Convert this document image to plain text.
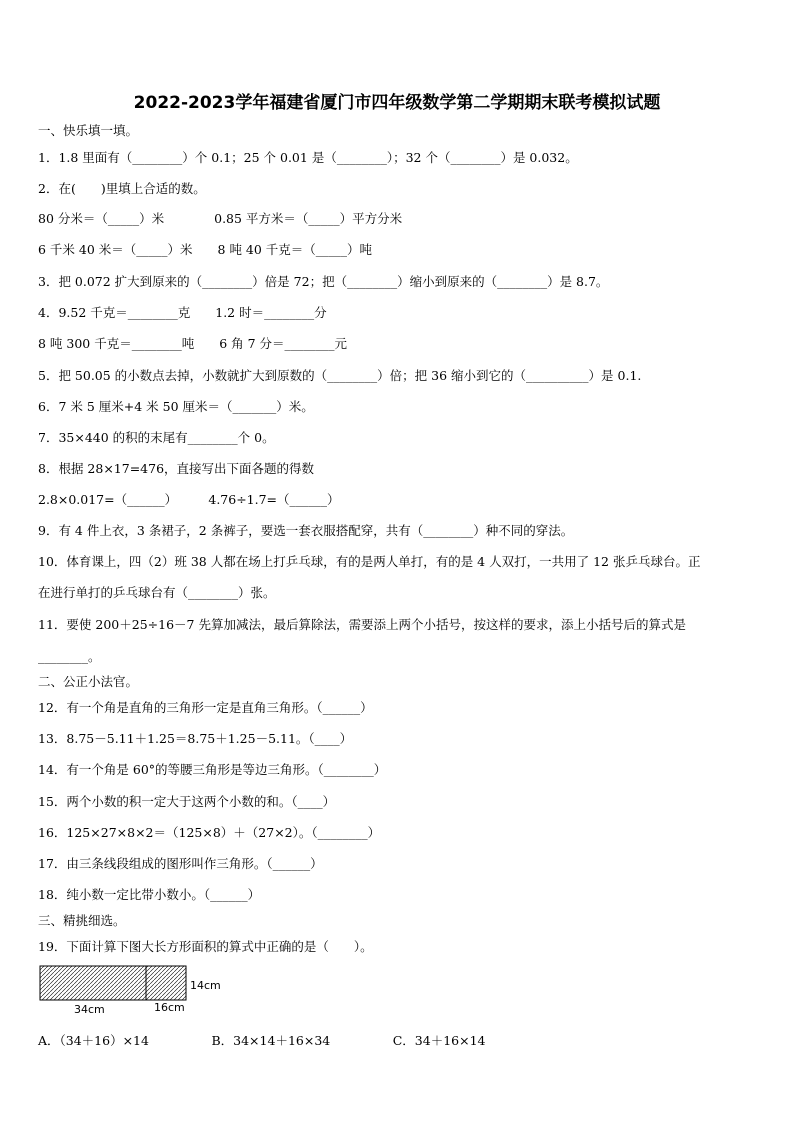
2022-2023学年福建省厦门市四年级数学第二学期期末联考模拟试题
一、快乐填一填。
1．1.8 里面有（________）个 0.1；25 个 0.01 是（________）；32 个（________）是 0.032。
2．在(　　)里填上合适的数。
80 分米＝（_____）米　　　　0.85 平方米＝（_____）平方分米
6 千米 40 米＝（_____）米　　8 吨 40 千克＝（_____）吨
3．把 0.072 扩大到原来的（________）倍是 72；把（________）缩小到原来的（________）是 8.7。
4．9.52 千克＝________克　　1.2 时＝________分
8 吨 300 千克＝________吨　　6 角 7 分＝________元
5．把 50.05 的小数点去掉，小数就扩大到原数的（________）倍；把 36 缩小到它的（__________）是 0.1.
6．7 米 5 厘米+4 米 50 厘米＝（_______）米。
7．35×440 的积的末尾有________个 0。
8．根据 28×17=476，直接写出下面各题的得数
2.8×0.017=（______）　　　4.76÷1.7=（______）
9．有 4 件上衣，3 条裙子，2 条裤子，要选一套衣服搭配穿，共有（________）种不同的穿法。
10．体育课上，四（2）班 38 人都在场上打乒乓球，有的是两人单打，有的是 4 人双打，一共用了 12 张乒乓球台。正
在进行单打的乒乓球台有（________）张。
11．要使 200＋25÷16－7 先算加减法，最后算除法，需要添上两个小括号，按这样的要求，添上小括号后的算式是
________。
二、公正小法官。
12．有一个角是直角的三角形一定是直角三角形。（______）
13．8.75－5.11＋1.25＝8.75＋1.25－5.11。（____）
14．有一个角是 60°的等腰三角形是等边三角形。（________）
15．两个小数的积一定大于这两个小数的和。（____）
16．125×27×8×2＝（125×8）＋（27×2）。（________）
17．由三条线段组成的图形叫作三角形。（______）
18．纯小数一定比带小数小。（______）
三、精挑细选。
19．下面计算下图大长方形面积的算式中正确的是（　　）。
14cm
34cm	16cm
A．（34＋16）×14　　　　　B．34×14＋16×34　　　　　C．34＋16×14
